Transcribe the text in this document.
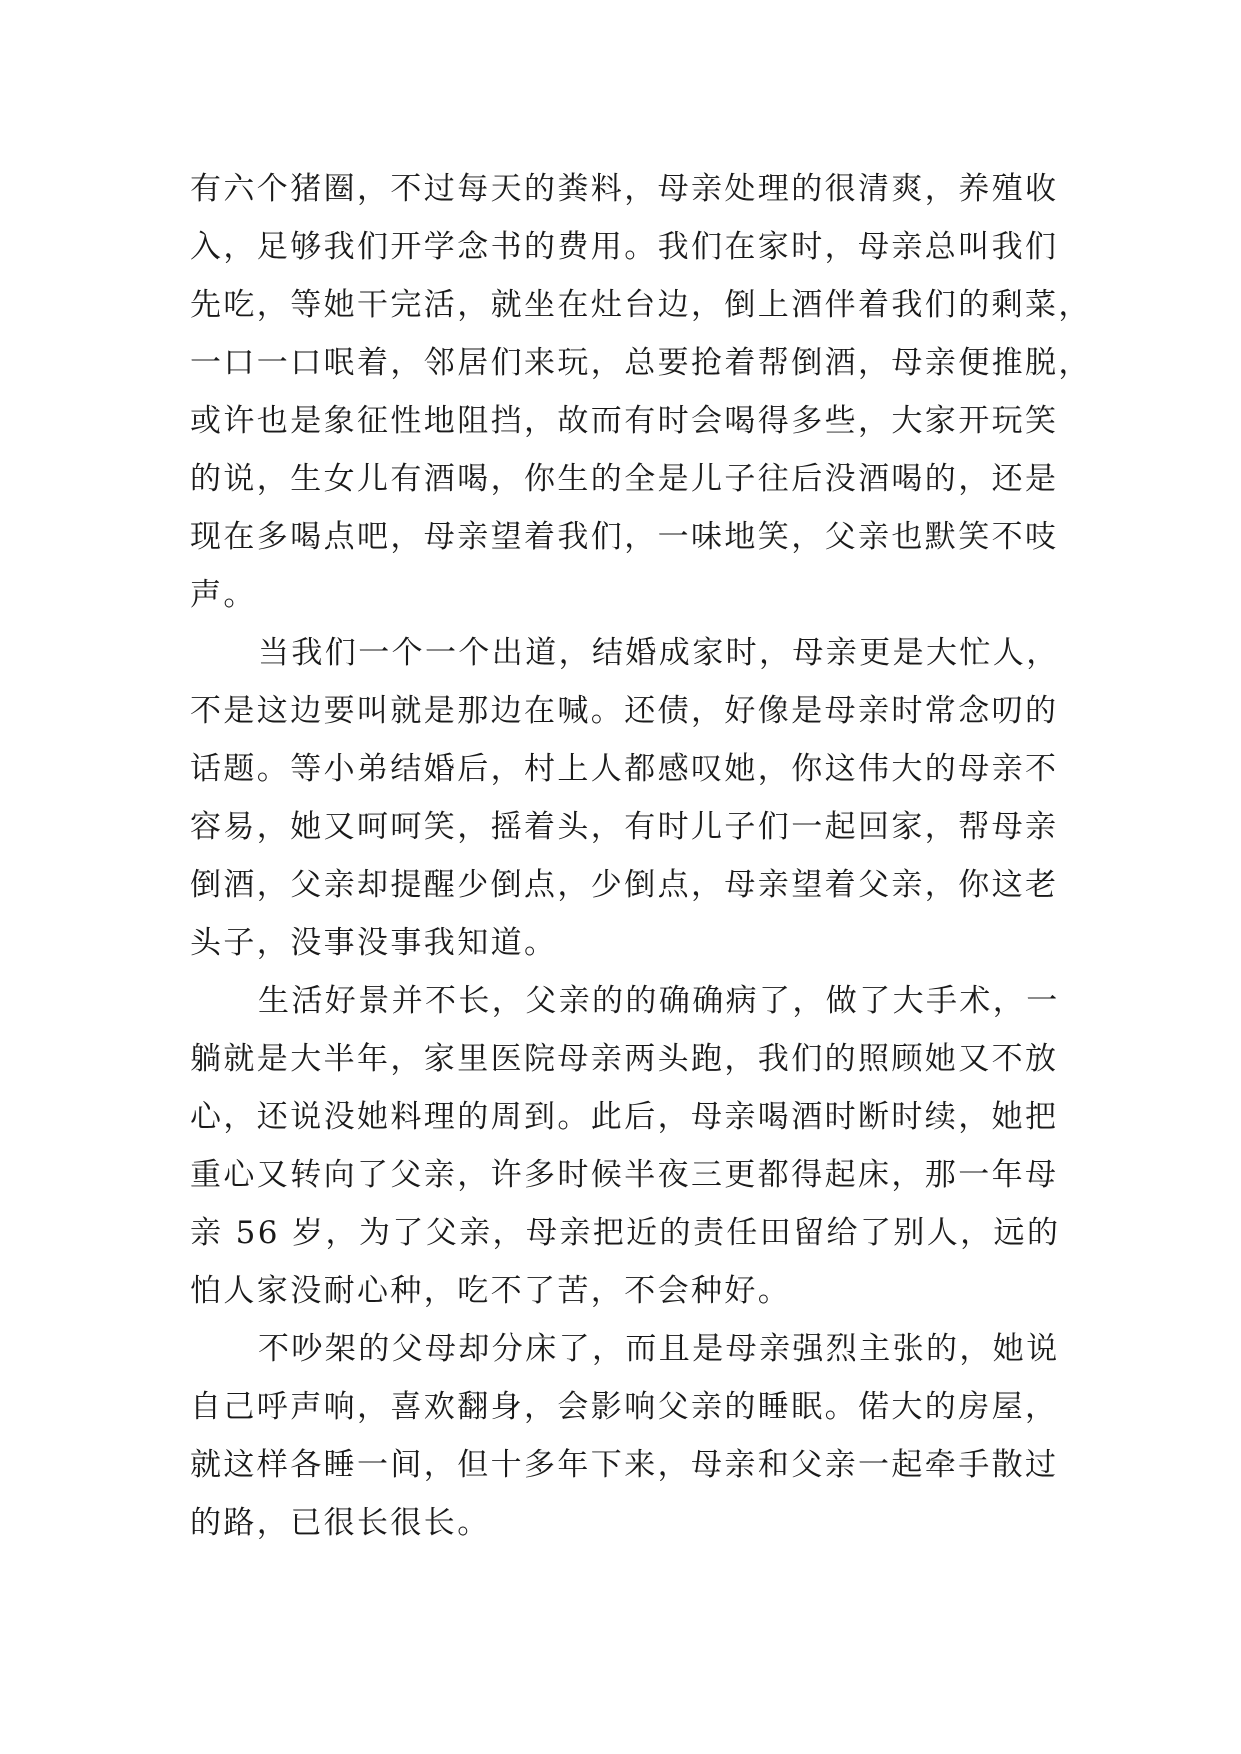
有六个猪圈，不过每天的粪料，母亲处理的很清爽，养殖收
入，足够我们开学念书的费用。我们在家时，母亲总叫我们
先吃，等她干完活，就坐在灶台边，倒上酒伴着我们的剩菜，
一口一口呡着，邻居们来玩，总要抢着帮倒酒，母亲便推脱，
或许也是象征性地阻挡，故而有时会喝得多些，大家开玩笑
的说，生女儿有酒喝，你生的全是儿子往后没酒喝的，还是
现在多喝点吧，母亲望着我们，一味地笑，父亲也默笑不吱
声。
当我们一个一个出道，结婚成家时，母亲更是大忙人，
不是这边要叫就是那边在喊。还债，好像是母亲时常念叨的
话题。等小弟结婚后，村上人都感叹她，你这伟大的母亲不
容易，她又呵呵笑，摇着头，有时儿子们一起回家，帮母亲
倒酒，父亲却提醒少倒点，少倒点，母亲望着父亲，你这老
头子，没事没事我知道。
生活好景并不长，父亲的的确确病了，做了大手术，一
躺就是大半年，家里医院母亲两头跑，我们的照顾她又不放
心，还说没她料理的周到。此后，母亲喝酒时断时续，她把
重心又转向了父亲，许多时候半夜三更都得起床，那一年母
亲 56 岁，为了父亲，母亲把近的责任田留给了别人，远的
怕人家没耐心种，吃不了苦，不会种好。
不吵架的父母却分床了，而且是母亲强烈主张的，她说
自己呼声响，喜欢翻身，会影响父亲的睡眠。偌大的房屋，
就这样各睡一间，但十多年下来，母亲和父亲一起牵手散过
的路，已很长很长。
